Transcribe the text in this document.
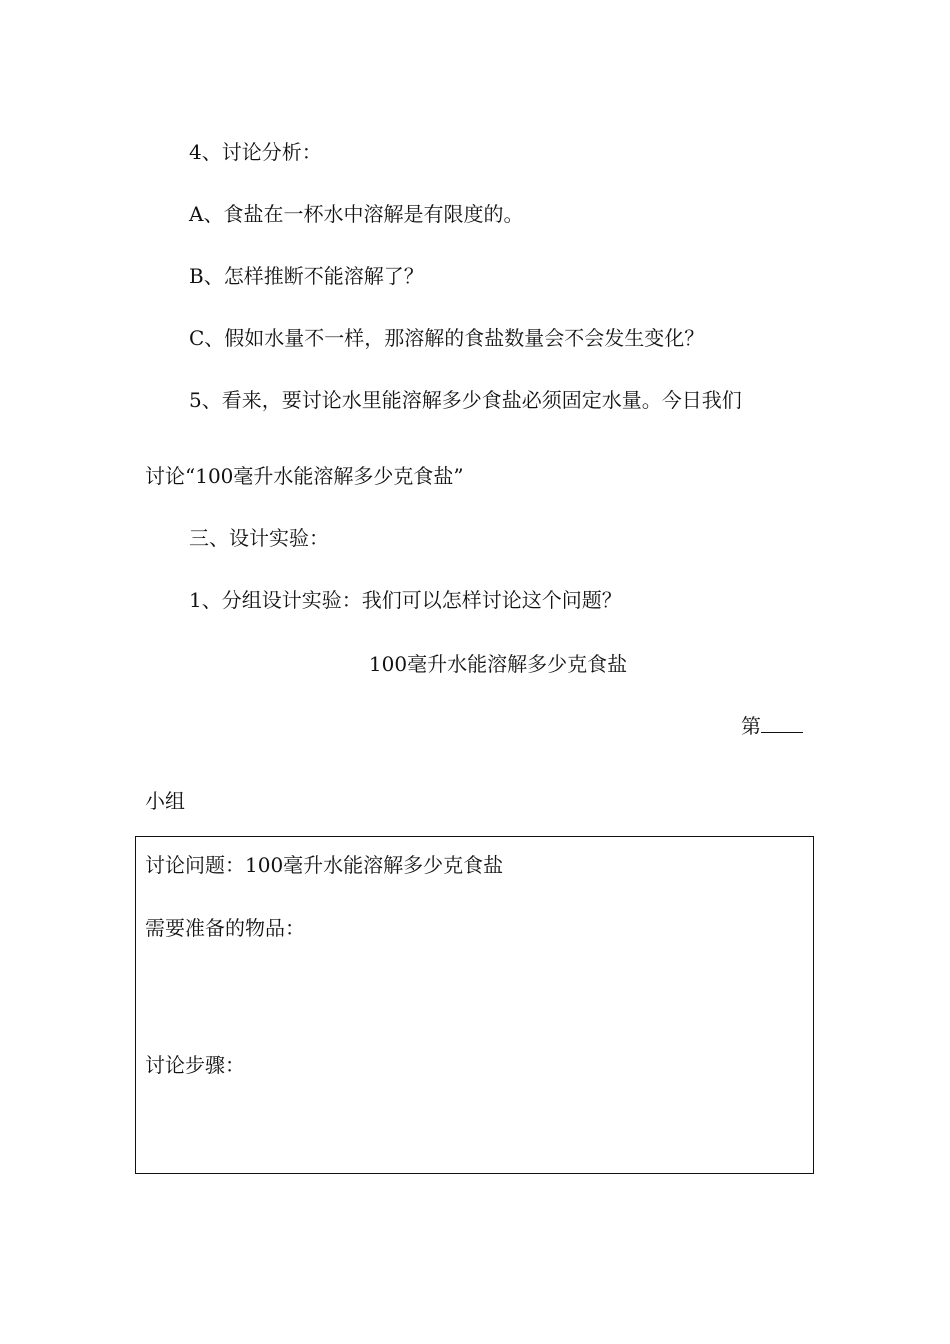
4、讨论分析：
A、食盐在一杯水中溶解是有限度的。
B、怎样推断不能溶解了？
C、假如水量不一样，那溶解的食盐数量会不会发生变化？
5、看来，要讨论水里能溶解多少食盐必须固定水量。今日我们
讨论“100毫升水能溶解多少克食盐”
三、设计实验：
1、分组设计实验：我们可以怎样讨论这个问题？
100毫升水能溶解多少克食盐
第
小组
讨论问题：100毫升水能溶解多少克食盐
需要准备的物品：
讨论步骤：
